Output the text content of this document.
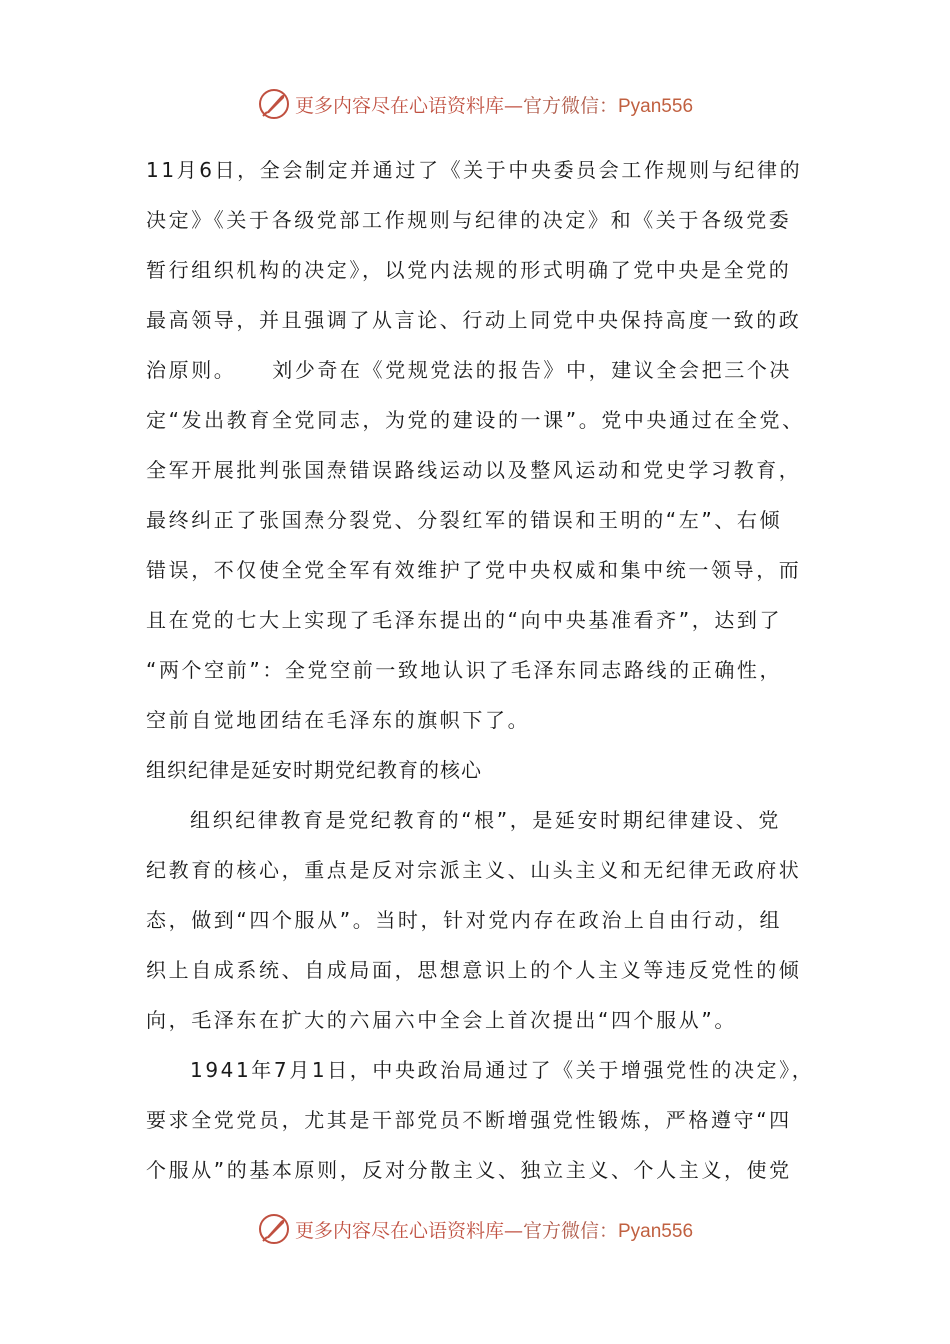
更多内容尽在心语资料库—官方微信：Pyan556
11月6日，全会制定并通过了《关于中央委员会工作规则与纪律的
决定》《关于各级党部工作规则与纪律的决定》和《关于各级党委
暂行组织机构的决定》，以党内法规的形式明确了党中央是全党的
最高领导，并且强调了从言论、行动上同党中央保持高度一致的政
治原则。    刘少奇在《党规党法的报告》中，建议全会把三个决
定“发出教育全党同志，为党的建设的一课”。党中央通过在全党、
全军开展批判张国焘错误路线运动以及整风运动和党史学习教育，
最终纠正了张国焘分裂党、分裂红军的错误和王明的“左”、右倾
错误，不仅使全党全军有效维护了党中央权威和集中统一领导，而
且在党的七大上实现了毛泽东提出的“向中央基准看齐”，达到了
“两个空前”：全党空前一致地认识了毛泽东同志路线的正确性，
空前自觉地团结在毛泽东的旗帜下了。
组织纪律是延安时期党纪教育的核心
组织纪律教育是党纪教育的“根”，是延安时期纪律建设、党
纪教育的核心，重点是反对宗派主义、山头主义和无纪律无政府状
态，做到“四个服从”。当时，针对党内存在政治上自由行动，组
织上自成系统、自成局面，思想意识上的个人主义等违反党性的倾
向，毛泽东在扩大的六届六中全会上首次提出“四个服从”。
1941年7月1日，中央政治局通过了《关于增强党性的决定》，
要求全党党员，尤其是干部党员不断增强党性锻炼，严格遵守“四
个服从”的基本原则，反对分散主义、独立主义、个人主义，使党
更多内容尽在心语资料库—官方微信：Pyan556
